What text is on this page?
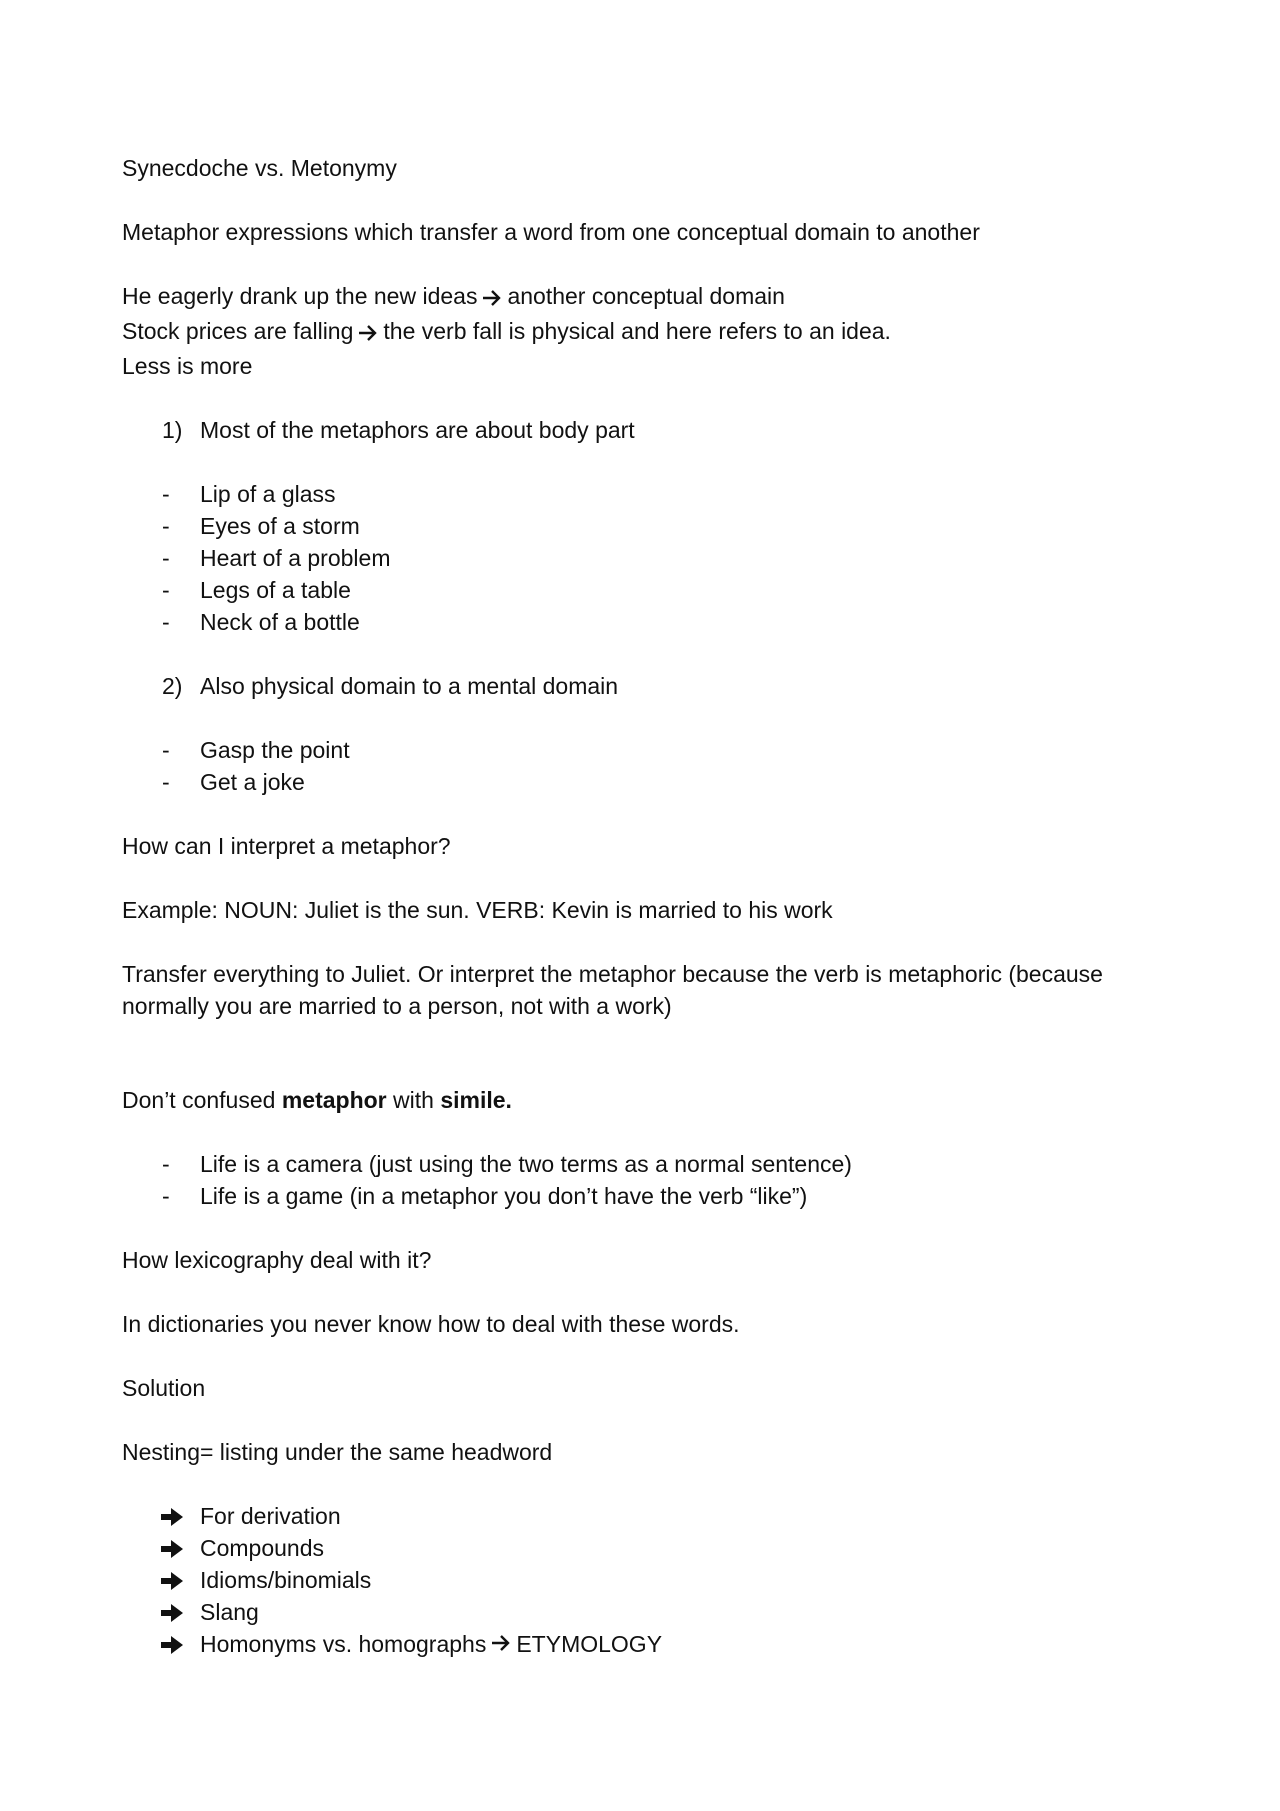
Synecdoche vs. Metonymy
Metaphor expressions which transfer a word from one conceptual domain to another
He eagerly drank up the new ideas another conceptual domain
Stock prices are falling the verb fall is physical and here refers to an idea.
Less is more
1) Most of the metaphors are about body part
-	Lip of a glass
-	Eyes of a storm
-	Heart of a problem
-	Legs of a table
-	Neck of a bottle
2) Also physical domain to a mental domain
-	Gasp the point
-	Get a joke
How can I interpret a metaphor?
Example: NOUN: Juliet is the sun. VERB: Kevin is married to his work
Transfer everything to Juliet. Or interpret the metaphor because the verb is metaphoric (because normally you are married to a person, not with a work)
Don’t confused metaphor with simile.
-	Life is a camera (just using the two terms as a normal sentence)
-	Life is a game (in a metaphor you don’t have the verb “like”)
How lexicography deal with it?
In dictionaries you never know how to deal with these words.
Solution
Nesting= listing under the same headword
For derivation
Compounds
Idioms/binomials
Slang
Homonyms vs. homographs ETYMOLOGY
